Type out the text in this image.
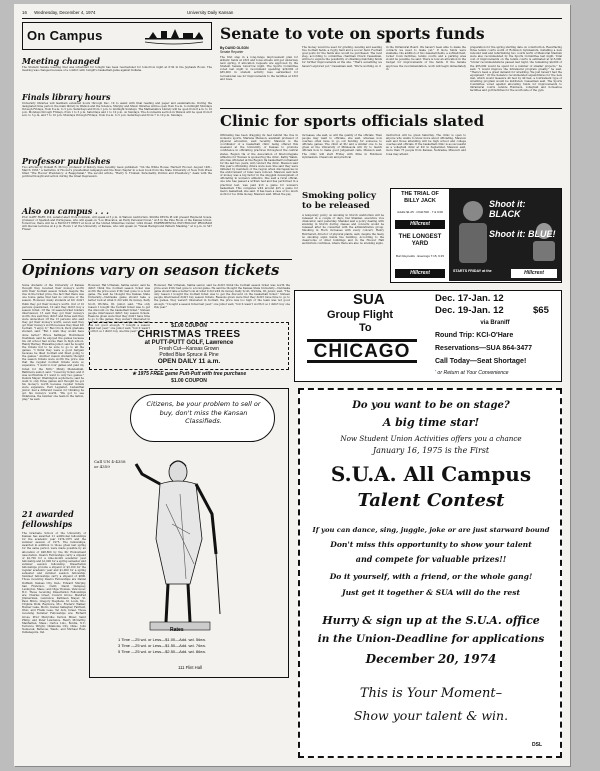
16 Wednesday, December 4, 1974	University Daily Kansan
On Campus
Meeting changed
The Student Senate meeting that was scheduled for tonight has been rescheduled for tomorrow night at 6:30 in the Jayhawk Room. The meeting was changed because of a conflict with tonight's basketball game against Indiana.
Finals library hours
University libraries will maintain extended hours through Dec. 19 to assist with final reading and paper and examinations. During the designated time period, the main library in Watson and the Science, Murphy and Music libraries will be open from 8 a.m. to midnight Mondays through Fridays, from 8 a.m. to 5 p.m. Saturdays and from 1 p.m. to midnight Sundays. The Mathematics Library will be open from 8 a.m. to 10 p.m. Mondays through Fridays, from 1 to 5 p.m. Saturdays and 1 to 10 p.m. on Sundays. The documents section in Watson will be open from 8 a.m. to 5 p.m. and 7 to 10 p.m. Mondays through Fridays, from 9 a.m. to 5 p.m. Saturdays and from 7 to 10 p.m. Sundays.
Professor publishes
Two articles by Donald R. McCoy, professor of history, have recently been published. "On the White House: Herbert Hoover, August 1931–March 1933," a narrative of Hoover's presidential campaign and the final chapter in a new book from the State University of New York Press titled "The Hoover Presidency: A Reappraisal." The second article, "Harry S. Truman: Personality, Politics and Presidency," deals with the political thought and action during the Great Depression.
Also on campus . . .
Prof. GARY HART, U.S. senator-elect from Colorado, will speak at 3 p.m. in Watson Auditorium. SIGMA DELTA PI will present Raymond Souza, professor of Spanish and Portuguese, who will speak on "Los Muscatos, an Early Personal Novel," at 8 in the Pine Room of the Kansas Union. Tomorrow, there will be a FACULTY PRINT at noon at the United Ministries Center, 1204 Oread. EXPERIMENTAL PSYCHOLOGY PROGRAM will discuss lectures at 4 p.m. Room 1 at the University of Kansas, who will speak on "Visual Background Pattern Masking," at 4 p.m. in 547 Fraser.
Opinions vary on season tickets
Some students of the University of Kansas thought they received their money's worth with their football season tickets despite the rise in the ticket price, the fact that there was one home game that had no outcome of the season. However, many students at KU didn't think they got their money's worth. Out of 10 persons questioned, 10 said they didn't buy a season ticket. Of the 10 season-ticket holders interviewed, 13 said they got their money's worth, five said they didn't and three said they were undecided. Of the 13 persons who said they got their money's worth, seven said they got their money's worth because they liked KU football. "I enjoy it," Rex Crock, Peck graduate student, said. "But I wish they would have done better." Bruce Salfinger, Hutchinson freshman, said he enjoyed the games because his old school had worse than in high school. Randy Barney, Hiawatha junior, said he bought the tickets but to be sure to go to all the games. "I think they were a good bargain because he liked football and liked going to the games." Another reason students thought the season tickets were worth the price was that the regular football tickets were so expensive. "I went to four games and paid my ticket for the 50th," Mindy Mendenhall, Baltimore senior, said. "I used my ticket, and it was worthwhile if I went to only two games." Dennis Mayer, Washington sophomore, said he went to only three games and thought he got his money's worth because regular tickets were expensive. Earl Legleiter, Liebenthal junior, had a different reason for thinking he got his money's worth. "We got to see Oklahoma, the number one team in the nation, play," he said.
However, Hal Urbanek, Salina senior, said he didn't think the football season ticket was worth the price even if KU had gone to a bowl game. He said he thought the Kansas State University—Nebraska game should take a better look at what it did with its money. Kelly Scott, Wichita, III, junior, said, "The only reason I bought the football ticket was to get the discount on the basketball ticket." Sixteen people interviewed didn't buy season tickets. Reasons given were that they didn't have time to go to the games, they weren't interested in football, the price was too high or the team was not good enough. "I bought a season ticket last year," one junior said, "but it wasn't worth it so I didn't buy one this year."
However, Hal Urbanek, Salina senior, said he didn't think the football season ticket was worth the price even if KU had gone to a bowl game. He said he thought the Kansas State University—Nebraska game should take a better look at what it did with its money. Kelly Scott, Wichita, III, junior, said, "The only reason I bought the football ticket was to get the discount on the basketball ticket." Sixteen people interviewed didn't buy season tickets. Reasons given were that they didn't have time to go to the games, they weren't interested in football, the price was too high or the team was not good enough. "I bought a season ticket last year," one junior said, "but it wasn't worth it so I didn't buy one this year."
$1.00 COUPON
CHRISTMAS TREES
at PUTT-PUTT GOLF, Lawrence
Fresh Cut—Kansas Grown
Potted Blue Spruce & Pine
OPEN DAILY 11 a.m.
★ 1975 FREE game Putt-Putt with tree purchase
$1.00 COUPON
Citizens, be your problem to sell or buy, don't miss the Kansan Classifieds.
Call UN 4-4358 or 4359
Rates
1 Time —25 wd. or Less—$1.00—Add. wd. 5¢ea.
3 Time —25 wd. or Less—$1.50—Add. wd. 7¢ea.
5 Time —25 wd. or Less—$2.50—Add. wd. 8¢ea.
111 Flint Hall
21 awarded fellowships
The Graduate School of the University of Kansas has awarded 21 additional fellowships for the academic year 1974-1975 and the summer session of 1975. The fellowships, awarded in addition to those given last spring for the same period, were made possible by an allocation of $98,800 by the KU Endowment Association. Dean's Fellowships carry a stipend of $2,700 for a nine-month academic year fellowship and $1,000 for a spring semester and summer session fellowship. Dissertation fellowships provide a stipend of $3,100 for the regular academic year and $1,000 for a spring semester and summer session fellowship. Summer fellowships carry a stipend of $800. Those receiving Dean's Fellowships are Daniel Duffield, Kansas City, Kan.; Edward Murphy, San Francisco, Calif.; David Dempsey, Lexington, Mass.; and Olga Thomas, Vancouver, B.C. Those receiving Dissertation Fellowships are: Charles Greer, Council Grove; Manfred Jimmerman, Lawrence; Kathleen Mayer, St. Paul, Minn.; Gregory Stephens, St. Louis, Mo.; Virginia Wolk, Raymore, Mo.; Frederic Walker, Bonner Lake, Mont.; Daniel Gallagher, Fairfield, Ohio; and Frank Lesa, Tel Aviv, Israel. Those receiving Summer Fellowships are: Richard Gross, Prior Maryville; Vernon Mixer, Saint Philip; and Peter Lawrence. Henry McCarthy, Manhattan, Mass.; Carlos Lino, Bonita, N.Y.; Terrence Wright, Oklahoma City, Okla.; John Nemecek, Bellevue, Wash.; and Michael Rust, Indianapolis, Ind.
Senate to vote on sports funds
By DAVID OLSON
Senate Reporter
The first step in a long-range improvement plan for athletic fields at 23rd and Iowa streets will get underway next spring, if allocation requests are approved by the Student Senate tomorrow night. The Sports Committee voted last night to recommend spending $29,000 of $65,000 in student activity fees earmarked for recreational use for improvements to the facilities at 23rd and Iowa.
The money would be used for grading, leveling and seeding five football fields, a rugby field and a soccer field. Football goal posts for the fields also would be purchased. The next step, according to committee chairman Chuck Casselman, will be to explore the possibility of obtaining matching funds for further improvements at the site. "That's something we haven't explored yet," Casselman said. "We're working on it
in the Intramural Board. We haven't been able to make the contacts we need to make yet." If more funds were available, the addition of two baseball fields, a softball field, locker room facilities, tennis courts and a parking area would be possible, he said. There is now an allocation in the budget for improvements of the fields. If the Senate approves the recommendation, work will begin immediately in
preparation for the spring starting date on construction. Resurfacing three tennis courts south of Robinson Gymnasium, installing a new rebound wall and refurbishing two courts north of Memorial Stadium were also recommended by the Sports Committee last night. Total cost of improvements on the tennis courts is estimated at $15,000. "Under recommendations passed last night, the remaining $4,000 of the $65,000 would be spent for a number of smaller projects," he said. "I would improve the intramural program greatly," he said. "There's been a great demand for wrestling. We just haven't had the equipment." Of the Senate's recommended expenditures for the new mat, which would measure 40 feet by 40 feet, a tournament type of wrestling program would be instituted, Casselman said. The Sports Committee voted against allocating funds for improvements to intramural courts outside Robinson, volleyball and horseshoe facilities and golf facilities for the south side of the gym.
Clinic for sports officials slated
Officiating has been dragging its feet behind the rise in women's sports, Marlene Mawson, assistant professor of physical education, said recently. Mawson is the coordinator of a basketball clinic being offered this weekend at the University of Kansas to promote confidence in officiating practices throughout the central states. Region IIa of the Association of Intercollegiate Athletics for Women is sponsoring the clinic. Kathy Walsh, who has officiated at the Region IIa basketball tournament for the last two years, will conduct the clinic. Mawson said this year's officiating clinics were new. She said they were initiated by members of the region when discrepancies in the enforcement of rules were noticed. Mawson said lack of money was a big factor in the sluggish development of officiating in women's athletics. She said a rural official, one who has passed a written test and has performed in a practical test, was paid $10 a game for women's basketball. This compares with around $25 a game for men's basketball, she said. It has been a case of too much work for too little money, Mawson said. When the pay
increases, she said, so will the quality of the officials. Then people may want to officiate, she said, whereas now coaches often have to go out hunting for someone to officiate games. The clinic at KU and a similar one to be given at the University of Minnesota will try to match officials how to make good judgement calls, Mawson said. The clinic will start Friday with films in Robinson Gymnasium. Classroom and practical
instruction will be given Saturday. The clinic is open to anyone who wants to know more about officiating, Mawson said and those attending will be high school and college coaches and officials. If the basketball clinic is as successful as a volleyball clinic at KU in September, Mawson said, more than 75 people from Kansas, Nebraska, Missouri and Iowa may attend.
Smoking policy to be released
A temporary policy on smoking in Storch Auditorium will be released in a couple of days, Del Shankel, executive vice chancellor, said yesterday. Shankel said a policy dealing with smoking in Storch during classes and concerts would be released after he consulted with the administrative group. Smoking in Hoch increases with every concert, Henry Butchereit, director of physical plants, said, despite the many no smoking signs inside the building. According to the classrooms of other buildings and in the Hoover Hall auditorium continues, where there are also no smoking signs.
THE TRIAL OF BILLY JACK
Adults $1.25 · Child 50¢ · 7 & 9:00
Hillcrest
THE LONGEST YARD
Burt Reynolds · Evenings 7:15, 9:15
Hillcrest
Shoot it: BLACK
Shoot it: BLUE!
STARTS FRIDAY at the	Hillcrest
SUA
Group Flight
To
CHICAGO
Dec. 17-Jan. 12
Dec. 19-Jan. 12	$65
via Braniff
Round Trip: KCI-O'Hare
Reservations—SUA 864-3477
Call Today—Seat Shortage!
' or Return at Your Convenience
Do you want to be on stage?
A big time star!
Now Student Union Activities offers you a chance
January 16, 1975 is the First
S.U.A. All Campus
Talent Contest
If you can dance, sing, juggle, joke or are just starward bound
Don't miss this opportunity to show your talent
and compete for valuable prizes!!
Do it yourself, with a friend, or the whole gang!
Just get it together & SUA will do the rest
Hurry & sign up at the S.U.A. office
in the Union-Deadline for applications
December 20, 1974
This is Your Moment–
Show your talent & win.
DSL
